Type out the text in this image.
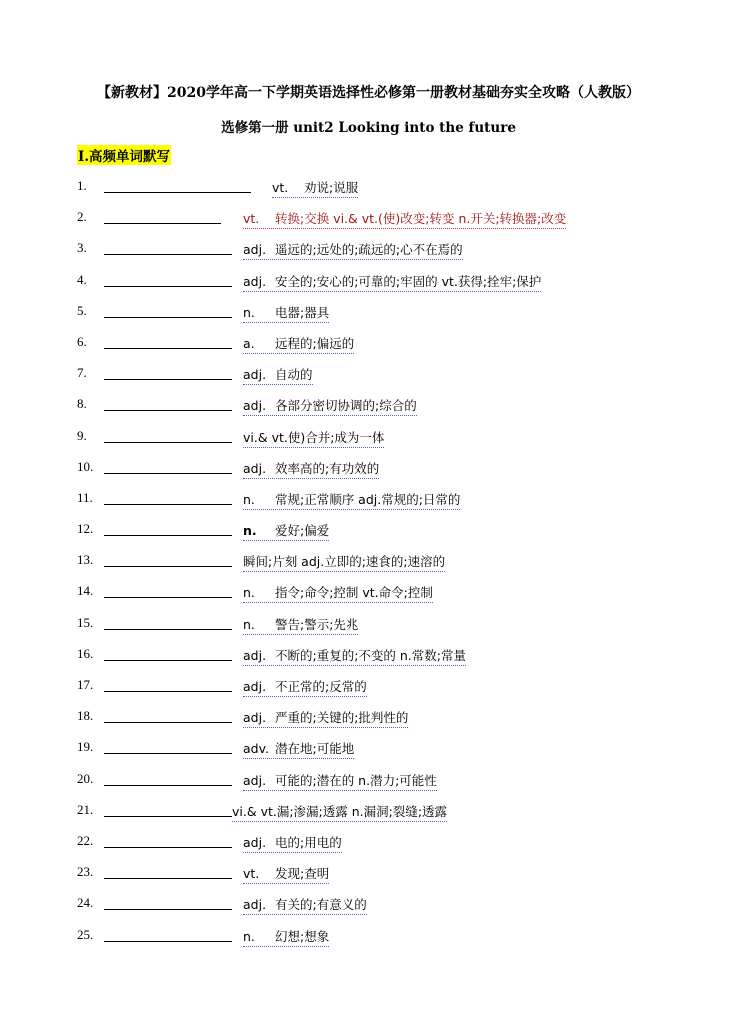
【新教材】2020学年高一下学期英语选择性必修第一册教材基础夯实全攻略（人教版）
选修第一册 unit2 Looking into the future
I.高频单词默写
1.	vt. 劝说;说服
2.	vt. 转换;交换 vi.& vt.(使)改变;转变 n.开关;转换器;改变
3.	adj. 遥远的;远处的;疏远的;心不在焉的
4.	adj. 安全的;安心的;可靠的;牢固的 vt.获得;拴牢;保护
5.	n. 电器;器具
6.	a. 远程的;偏远的
7.	adj. 自动的
8.	adj. 各部分密切协调的;综合的
9.	vi.& vt.使)合并;成为一体
10.	adj. 效率高的;有功效的
11.	n. 常规;正常顺序 adj.常规的;日常的
12.	n. 爱好;偏爱
13.	瞬间;片刻 adj.立即的;速食的;速溶的
14.	n. 指令;命令;控制 vt.命令;控制
15.	n. 警告;警示;先兆
16.	adj. 不断的;重复的;不变的 n.常数;常量
17.	adj. 不正常的;反常的
18.	adj. 严重的;关键的;批判性的
19.	adv. 潜在地;可能地
20.	adj. 可能的;潜在的 n.潜力;可能性
21.	vi.& vt.漏;渗漏;透露 n.漏洞;裂缝;透露
22.	adj. 电的;用电的
23.	vt. 发现;查明
24.	adj. 有关的;有意义的
25.	n. 幻想;想象
